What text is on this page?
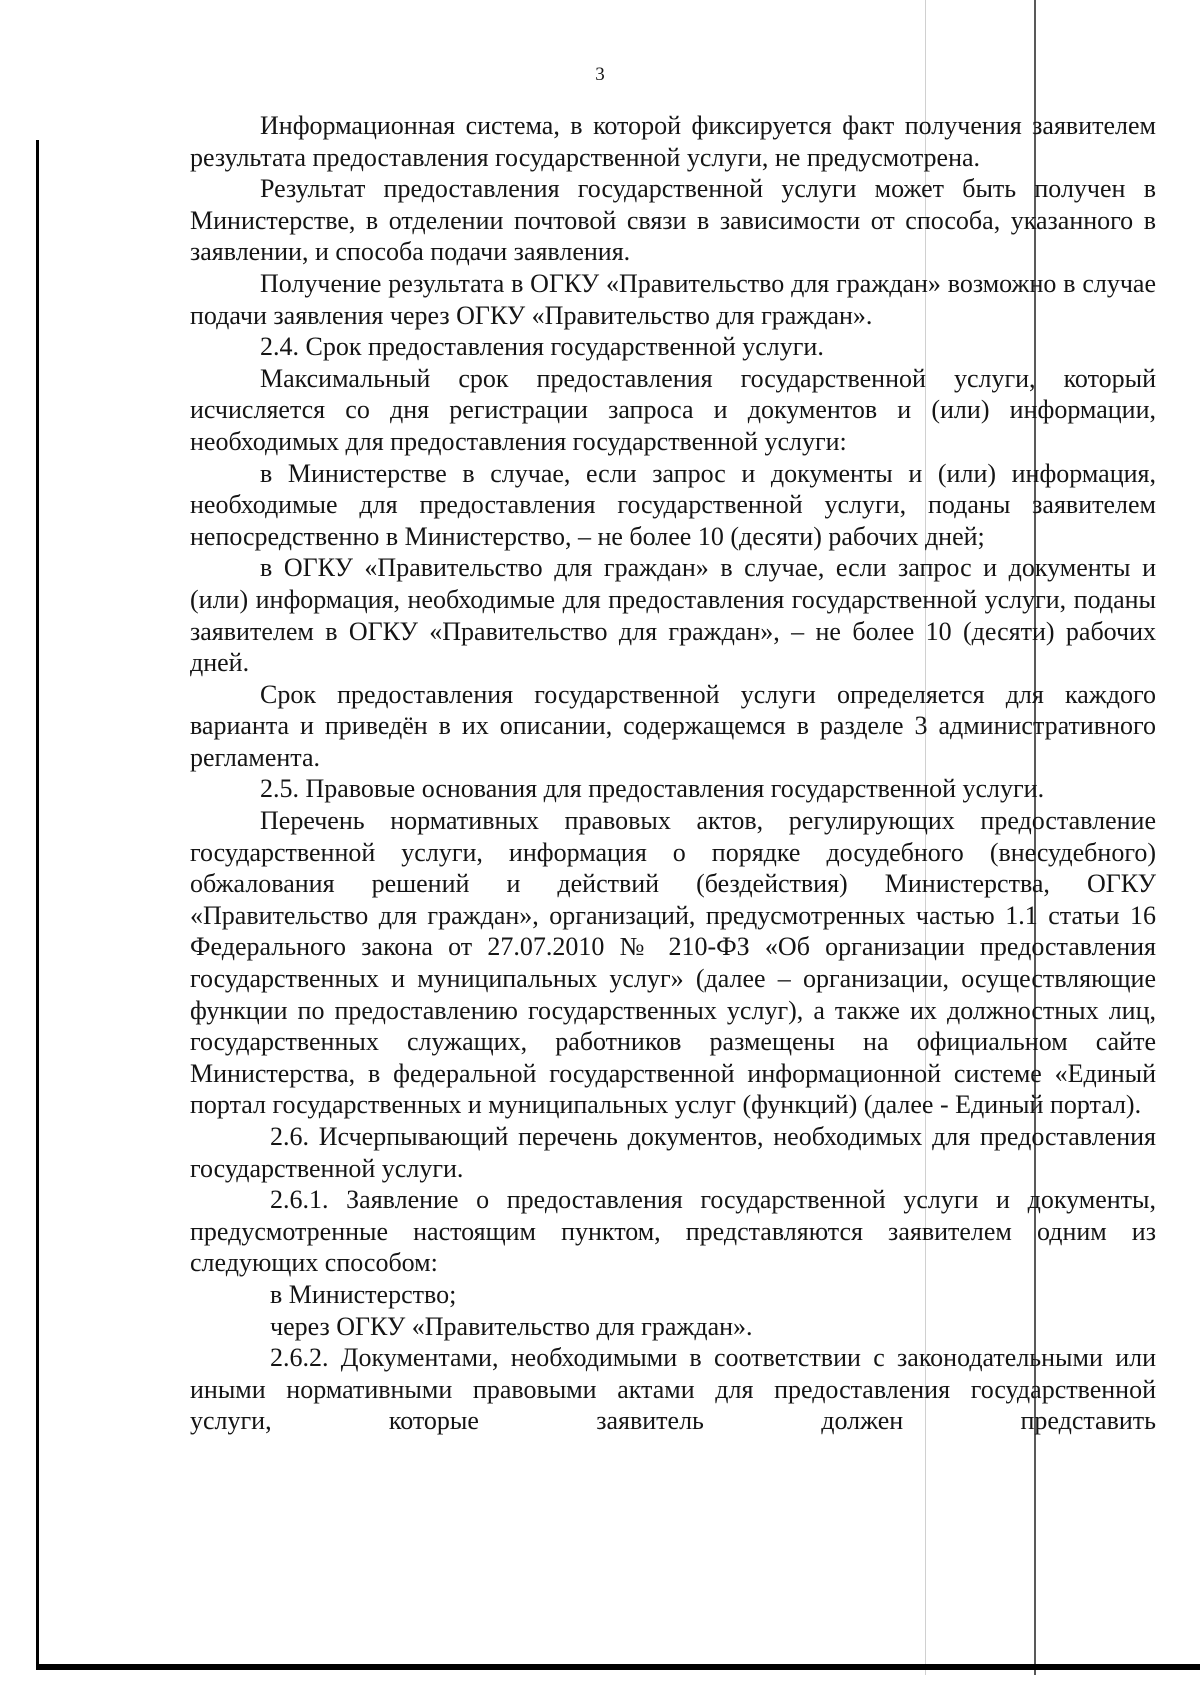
3

Информационная система, в которой фиксируется факт получения заявителем результата предоставления государственной услуги, не предусмотрена.

Результат предоставления государственной услуги может быть получен в Министерстве, в отделении почтовой связи в зависимости от способа, указанного в заявлении, и способа подачи заявления.

Получение результата в ОГКУ «Правительство для граждан» возможно в случае подачи заявления через ОГКУ «Правительство для граждан».

2.4. Срок предоставления государственной услуги.

Максимальный срок предоставления государственной услуги, который исчисляется со дня регистрации запроса и документов и (или) информации, необходимых для предоставления государственной услуги:

в Министерстве в случае, если запрос и документы и (или) информация, необходимые для предоставления государственной услуги, поданы заявителем непосредственно в Министерство, – не более 10 (десяти) рабочих дней;

в ОГКУ «Правительство для граждан» в случае, если запрос и документы и (или) информация, необходимые для предоставления государственной услуги, поданы заявителем в ОГКУ «Правительство для граждан», – не более 10 (десяти) рабочих дней.

Срок предоставления государственной услуги определяется для каждого варианта и приведён в их описании, содержащемся в разделе 3 административного регламента.

2.5. Правовые основания для предоставления государственной услуги.

Перечень нормативных правовых актов, регулирующих предоставление государственной услуги, информация о порядке досудебного (внесудебного) обжалования решений и действий (бездействия) Министерства, ОГКУ «Правительство для граждан», организаций, предусмотренных частью 1.1 статьи 16 Федерального закона от 27.07.2010 № 210-ФЗ «Об организации предоставления государственных и муниципальных услуг» (далее – организации, осуществляющие функции по предоставлению государственных услуг), а также их должностных лиц, государственных служащих, работников размещены на официальном сайте Министерства, в федеральной государственной информационной системе «Единый портал государственных и муниципальных услуг (функций) (далее - Единый портал).

2.6. Исчерпывающий перечень документов, необходимых для предоставления государственной услуги.

2.6.1. Заявление о предоставления государственной услуги и документы, предусмотренные настоящим пунктом, представляются заявителем одним из следующих способом:

в Министерство;

через ОГКУ «Правительство для граждан».

2.6.2. Документами, необходимыми в соответствии с законодательными или иными нормативными правовыми актами для предоставления государственной услуги, которые заявитель должен представить
